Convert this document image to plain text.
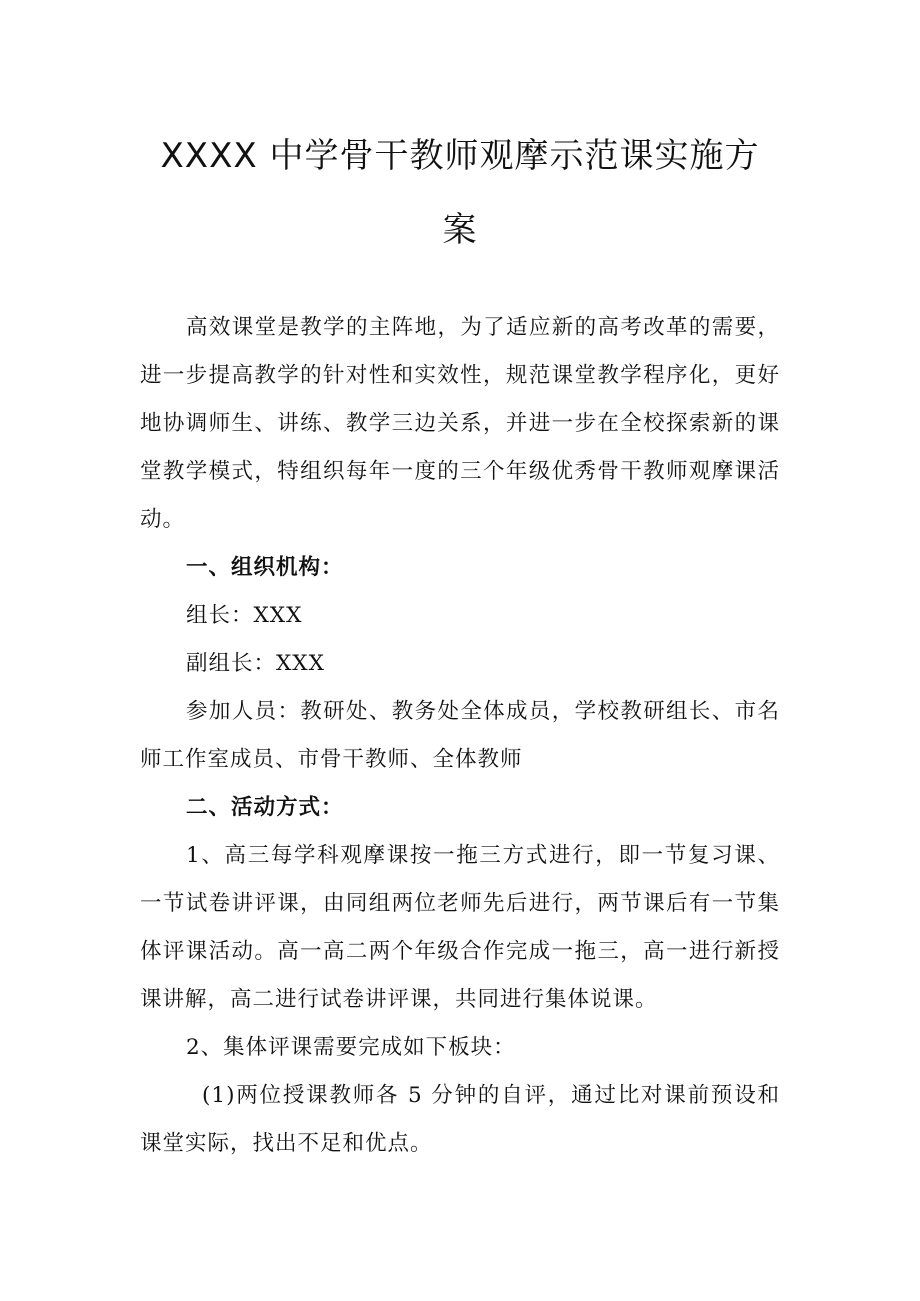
XXXX 中学骨干教师观摩示范课实施方
案

高效课堂是教学的主阵地，为了适应新的高考改革的需要，进一步提高教学的针对性和实效性，规范课堂教学程序化，更好地协调师生、讲练、教学三边关系，并进一步在全校探索新的课堂教学模式，特组织每年一度的三个年级优秀骨干教师观摩课活动。

一、组织机构：

组长：XXX

副组长：XXX

参加人员：教研处、教务处全体成员，学校教研组长、市名师工作室成员、市骨干教师、全体教师

二、活动方式：

1、高三每学科观摩课按一拖三方式进行，即一节复习课、一节试卷讲评课，由同组两位老师先后进行，两节课后有一节集体评课活动。高一高二两个年级合作完成一拖三，高一进行新授课讲解，高二进行试卷讲评课，共同进行集体说课。

2、集体评课需要完成如下板块：

(1)两位授课教师各 5 分钟的自评，通过比对课前预设和课堂实际，找出不足和优点。
